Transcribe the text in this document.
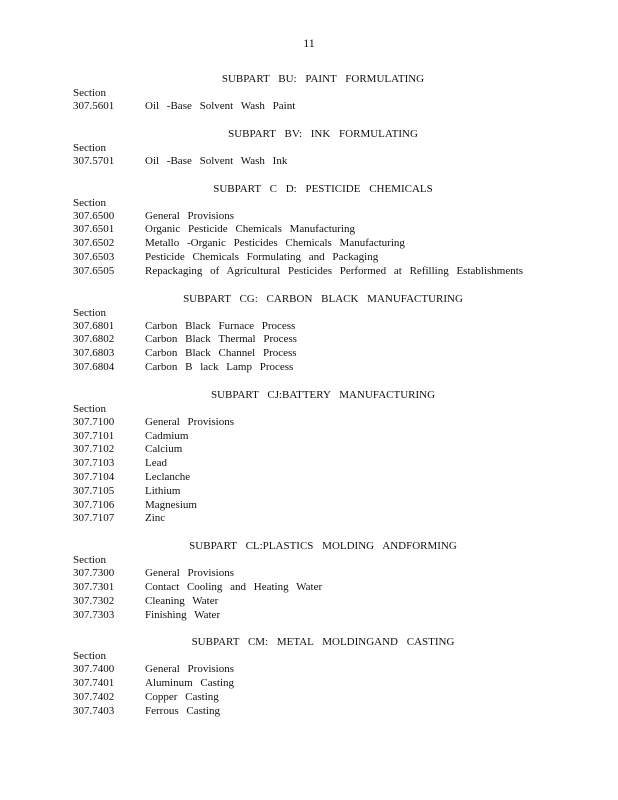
11
SUBPART BU: PAINT FORMULATING
Section
307.5601	Oil -Base Solvent Wash Paint
SUBPART BV: INK FORMULATING
Section
307.5701	Oil -Base Solvent Wash Ink
SUBPART C D: PESTICIDE CHEMICALS
Section
307.6500	General Provisions
307.6501	Organic Pesticide Chemicals Manufacturing
307.6502	Metallo -Organic Pesticides Chemicals Manufacturing
307.6503	Pesticide Chemicals Formulating and Packaging
307.6505	Repackaging of Agricultural Pesticides Performed at Refilling Establishments
SUBPART CG: CARBON BLACK MANUFACTURING
Section
307.6801	Carbon Black Furnace Process
307.6802	Carbon Black Thermal Process
307.6803	Carbon Black Channel Process
307.6804	Carbon B lack Lamp Process
SUBPART CJ:BATTERY MANUFACTURING
Section
307.7100	General Provisions
307.7101	Cadmium
307.7102	Calcium
307.7103	Lead
307.7104	Leclanche
307.7105	Lithium
307.7106	Magnesium
307.7107	Zinc
SUBPART CL:PLASTICS MOLDING ANDFORMING
Section
307.7300	General Provisions
307.7301	Contact Cooling and Heating Water
307.7302	Cleaning Water
307.7303	Finishing Water
SUBPART CM: METAL MOLDINGAND CASTING
Section
307.7400	General Provisions
307.7401	Aluminum Casting
307.7402	Copper Casting
307.7403	Ferrous Casting
